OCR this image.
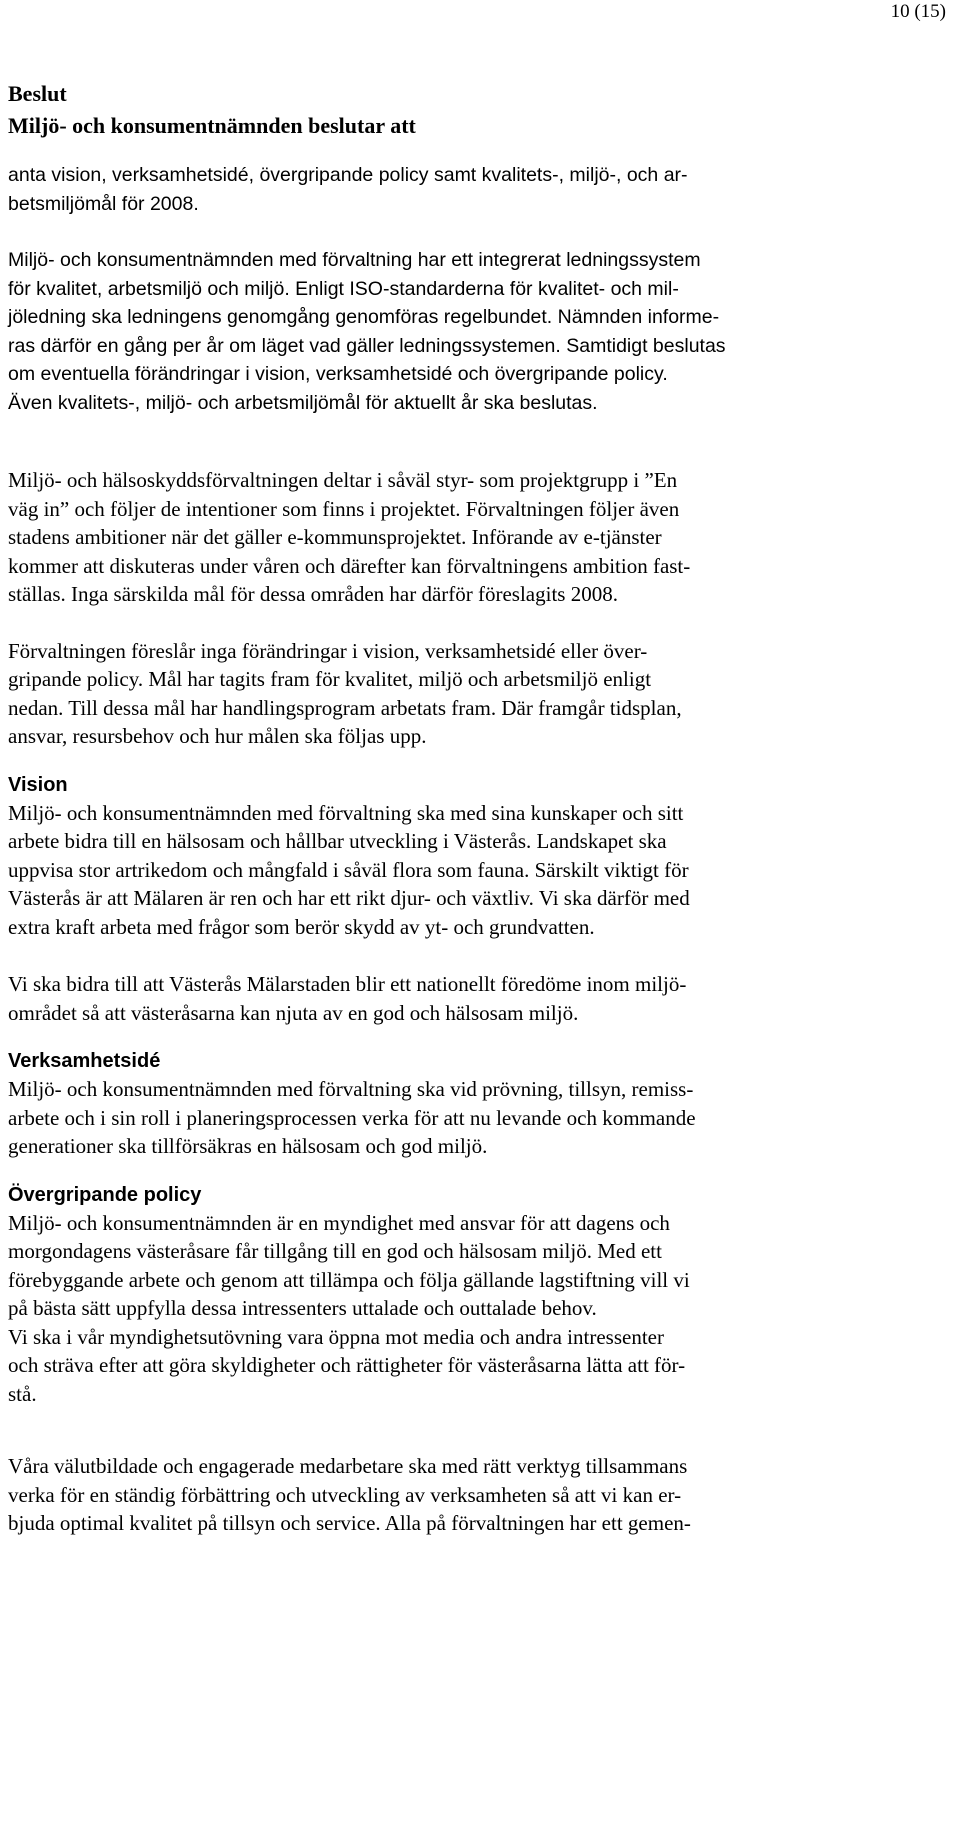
10 (15)
Beslut
Miljö- och konsumentnämnden beslutar att
anta vision, verksamhetsidé, övergripande policy samt kvalitets-, miljö-, och ar-
betsmiljömål för 2008.
Miljö- och konsumentnämnden med förvaltning har ett integrerat ledningssystem
för kvalitet, arbetsmiljö och miljö. Enligt ISO-standarderna för kvalitet- och mil-
jöledning ska ledningens genomgång genomföras regelbundet. Nämnden informe-
ras därför en gång per år om läget vad gäller ledningssystemen. Samtidigt beslutas
om eventuella förändringar i vision, verksamhetsidé och övergripande policy.
Även kvalitets-, miljö- och arbetsmiljömål för aktuellt år ska beslutas.
Miljö- och hälsoskyddsförvaltningen deltar i såväl styr- som projektgrupp i ”En
väg in” och följer de intentioner som finns i projektet. Förvaltningen följer även
stadens ambitioner när det gäller e-kommunsprojektet. Införande av e-tjänster
kommer att diskuteras under våren och därefter kan förvaltningens ambition fast-
ställas. Inga särskilda mål för dessa områden har därför föreslagits 2008.
Förvaltningen föreslår inga förändringar i vision, verksamhetsidé eller över-
gripande policy. Mål har tagits fram för kvalitet, miljö och arbetsmiljö enligt
nedan. Till dessa mål har handlingsprogram arbetats fram. Där framgår tidsplan,
ansvar, resursbehov och hur målen ska följas upp.
Vision
Miljö- och konsumentnämnden med förvaltning ska med sina kunskaper och sitt
arbete bidra till en hälsosam och hållbar utveckling i Västerås. Landskapet ska
uppvisa stor artrikedom och mångfald i såväl flora som fauna. Särskilt viktigt för
Västerås är att Mälaren är ren och har ett rikt djur- och växtliv. Vi ska därför med
extra kraft arbeta med frågor som berör skydd av yt- och grundvatten.
Vi ska bidra till att Västerås Mälarstaden blir ett nationellt föredöme inom miljö-
området så att västeråsarna kan njuta av en god och hälsosam miljö.
Verksamhetsidé
Miljö- och konsumentnämnden med förvaltning ska vid prövning, tillsyn, remiss-
arbete och i sin roll i planeringsprocessen verka för att nu levande och kommande
generationer ska tillförsäkras en hälsosam och god miljö.
Övergripande policy
Miljö- och konsumentnämnden är en myndighet med ansvar för att dagens och
morgondagens västeråsare får tillgång till en god och hälsosam miljö. Med ett
förebyggande arbete och genom att tillämpa och följa gällande lagstiftning vill vi
på bästa sätt uppfylla dessa intressenters uttalade och outtalade behov.
Vi ska i vår myndighetsutövning vara öppna mot media och andra intressenter
och sträva efter att göra skyldigheter och rättigheter för västeråsarna lätta att för-
stå.
Våra välutbildade och engagerade medarbetare ska med rätt verktyg tillsammans
verka för en ständig förbättring och utveckling av verksamheten så att vi kan er-
bjuda optimal kvalitet på tillsyn och service. Alla på förvaltningen har ett gemen-
